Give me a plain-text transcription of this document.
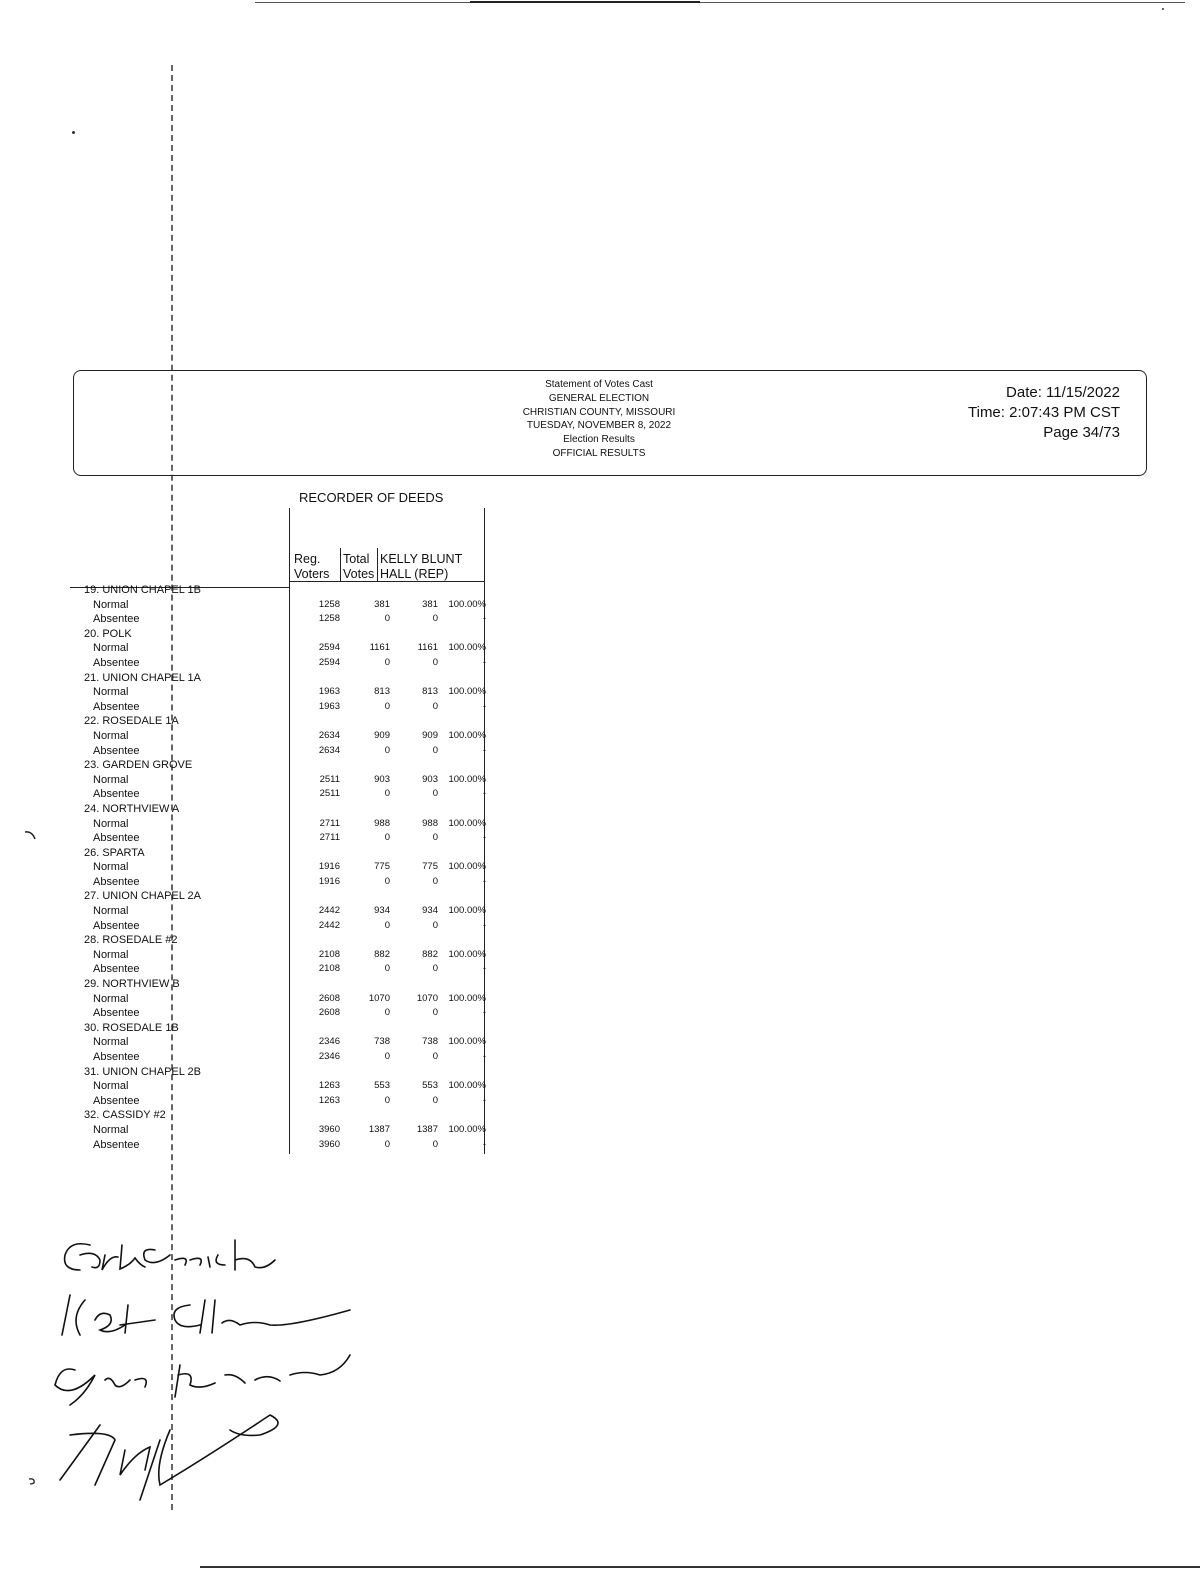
Statement of Votes Cast
GENERAL ELECTION
CHRISTIAN COUNTY, MISSOURI
TUESDAY, NOVEMBER 8, 2022
Election Results
OFFICIAL RESULTS
Date: 11/15/2022
Time: 2:07:43 PM CST
Page 34/73
RECORDER OF DEEDS
Reg.
Voters
Total
Votes
KELLY BLUNT
HALL (REP)
19. UNION CHAPEL 1B
Normal	1258	381	381	100.00%
Absentee	1258	0	0	-
20. POLK
Normal	2594	1161	1161	100.00%
Absentee	2594	0	0	-
21. UNION CHAPEL 1A
Normal	1963	813	813	100.00%
Absentee	1963	0	0	-
22. ROSEDALE 1A
Normal	2634	909	909	100.00%
Absentee	2634	0	0	-
23. GARDEN GROVE
Normal	2511	903	903	100.00%
Absentee	2511	0	0	-
24. NORTHVIEW A
Normal	2711	988	988	100.00%
Absentee	2711	0	0	-
26. SPARTA
Normal	1916	775	775	100.00%
Absentee	1916	0	0	-
27. UNION CHAPEL 2A
Normal	2442	934	934	100.00%
Absentee	2442	0	0	-
28. ROSEDALE #2
Normal	2108	882	882	100.00%
Absentee	2108	0	0	-
29. NORTHVIEW B
Normal	2608	1070	1070	100.00%
Absentee	2608	0	0	-
30. ROSEDALE 1B
Normal	2346	738	738	100.00%
Absentee	2346	0	0	-
31. UNION CHAPEL 2B
Normal	1263	553	553	100.00%
Absentee	1263	0	0	-
32. CASSIDY #2
Normal	3960	1387	1387	100.00%
Absentee	3960	0	0	-
